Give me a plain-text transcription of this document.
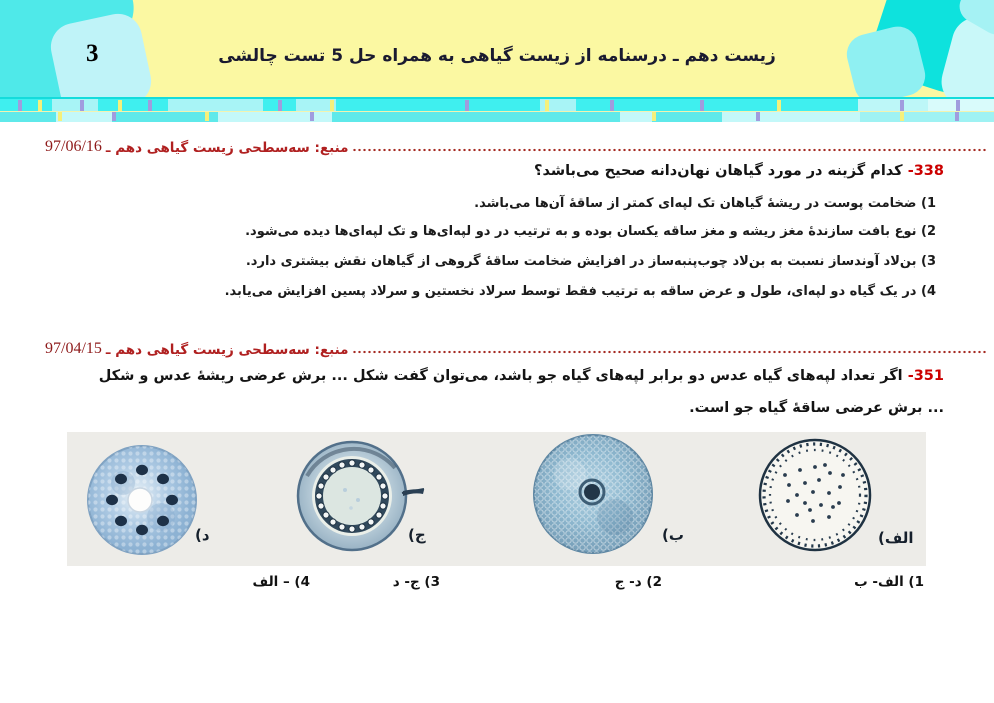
3	زیست دهم ـ درسنامه از زیست گیاهی به همراه حل 5 تست چالشی
منبع: سه‌سطحی زیست گیاهی دهم ـ
97/06/16
338- کدام گزینه در مورد گیاهان نهان‌دانه صحیح می‌باشد؟
1) ضخامت پوست در ریشهٔ گیاهان تک لپه‌ای کمتر از ساقهٔ آن‌ها می‌باشد.
2) نوع بافت سازندهٔ مغز ریشه و مغز ساقه یکسان بوده و به ترتیب در دو لپه‌ای‌ها و تک لپه‌ای‌ها دیده می‌شود.
3) بن‌لاد آوندساز نسبت به بن‌لاد چوب‌پنبه‌ساز در افزایش ضخامت ساقهٔ گروهی از گیاهان نقش بیشتری دارد.
4) در یک گیاه دو لپه‌ای، طول و عرض ساقه به ترتیب فقط توسط سرلاد نخستین و سرلاد پسین افزایش می‌یابد.
منبع: سه‌سطحی زیست گیاهی دهم ـ
97/04/15
351- اگر تعداد لپه‌های گیاه عدس دو برابر لپه‌های گیاه جو باشد، می‌توان گفت شکل ... برش عرضی ریشهٔ عدس و شکل
... برش عرضی ساقهٔ گیاه جو است.
د)	ج)	ب)	الف)
1) الف- ب
2) د- ج
3) ج- د
4) – الف
